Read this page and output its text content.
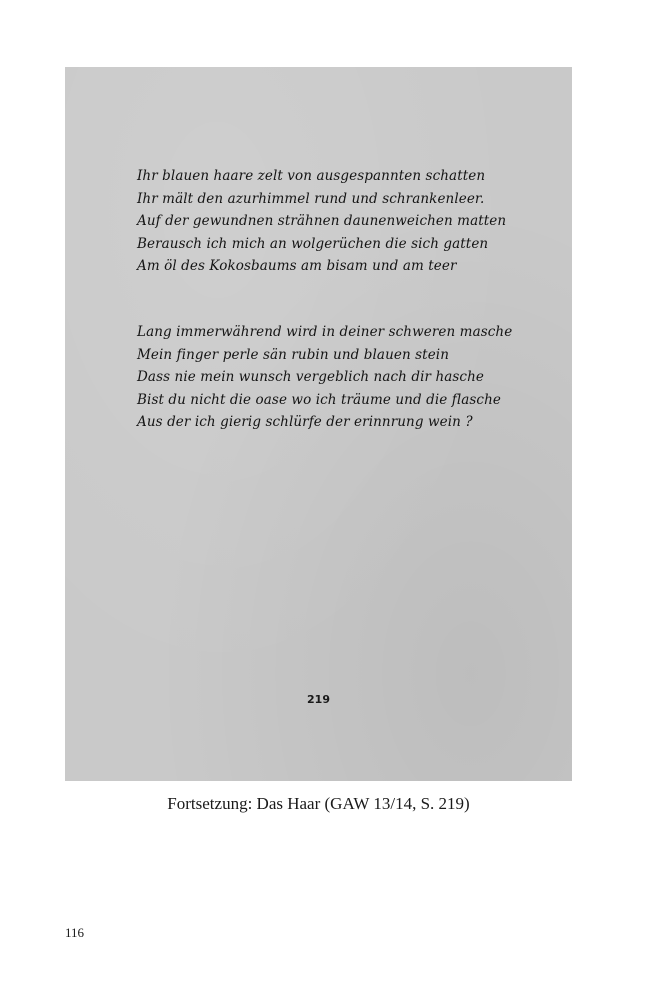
Ihr blauen haare zelt von ausgespannten schatten
Ihr mält den azurhimmel rund und schrankenleer.
Auf der gewundnen strähnen daunenweichen matten
Berausch ich mich an wolgerüchen die sich gatten
Am öl des Kokosbaums am bisam und am teer
Lang immerwährend wird in deiner schweren masche
Mein finger perle sän rubin und blauen stein
Dass nie mein wunsch vergeblich nach dir hasche
Bist du nicht die oase wo ich träume und die flasche
Aus der ich gierig schlürfe der erinnrung wein ?
219
Fortsetzung: Das Haar (GAW 13/14, S. 219)
116
